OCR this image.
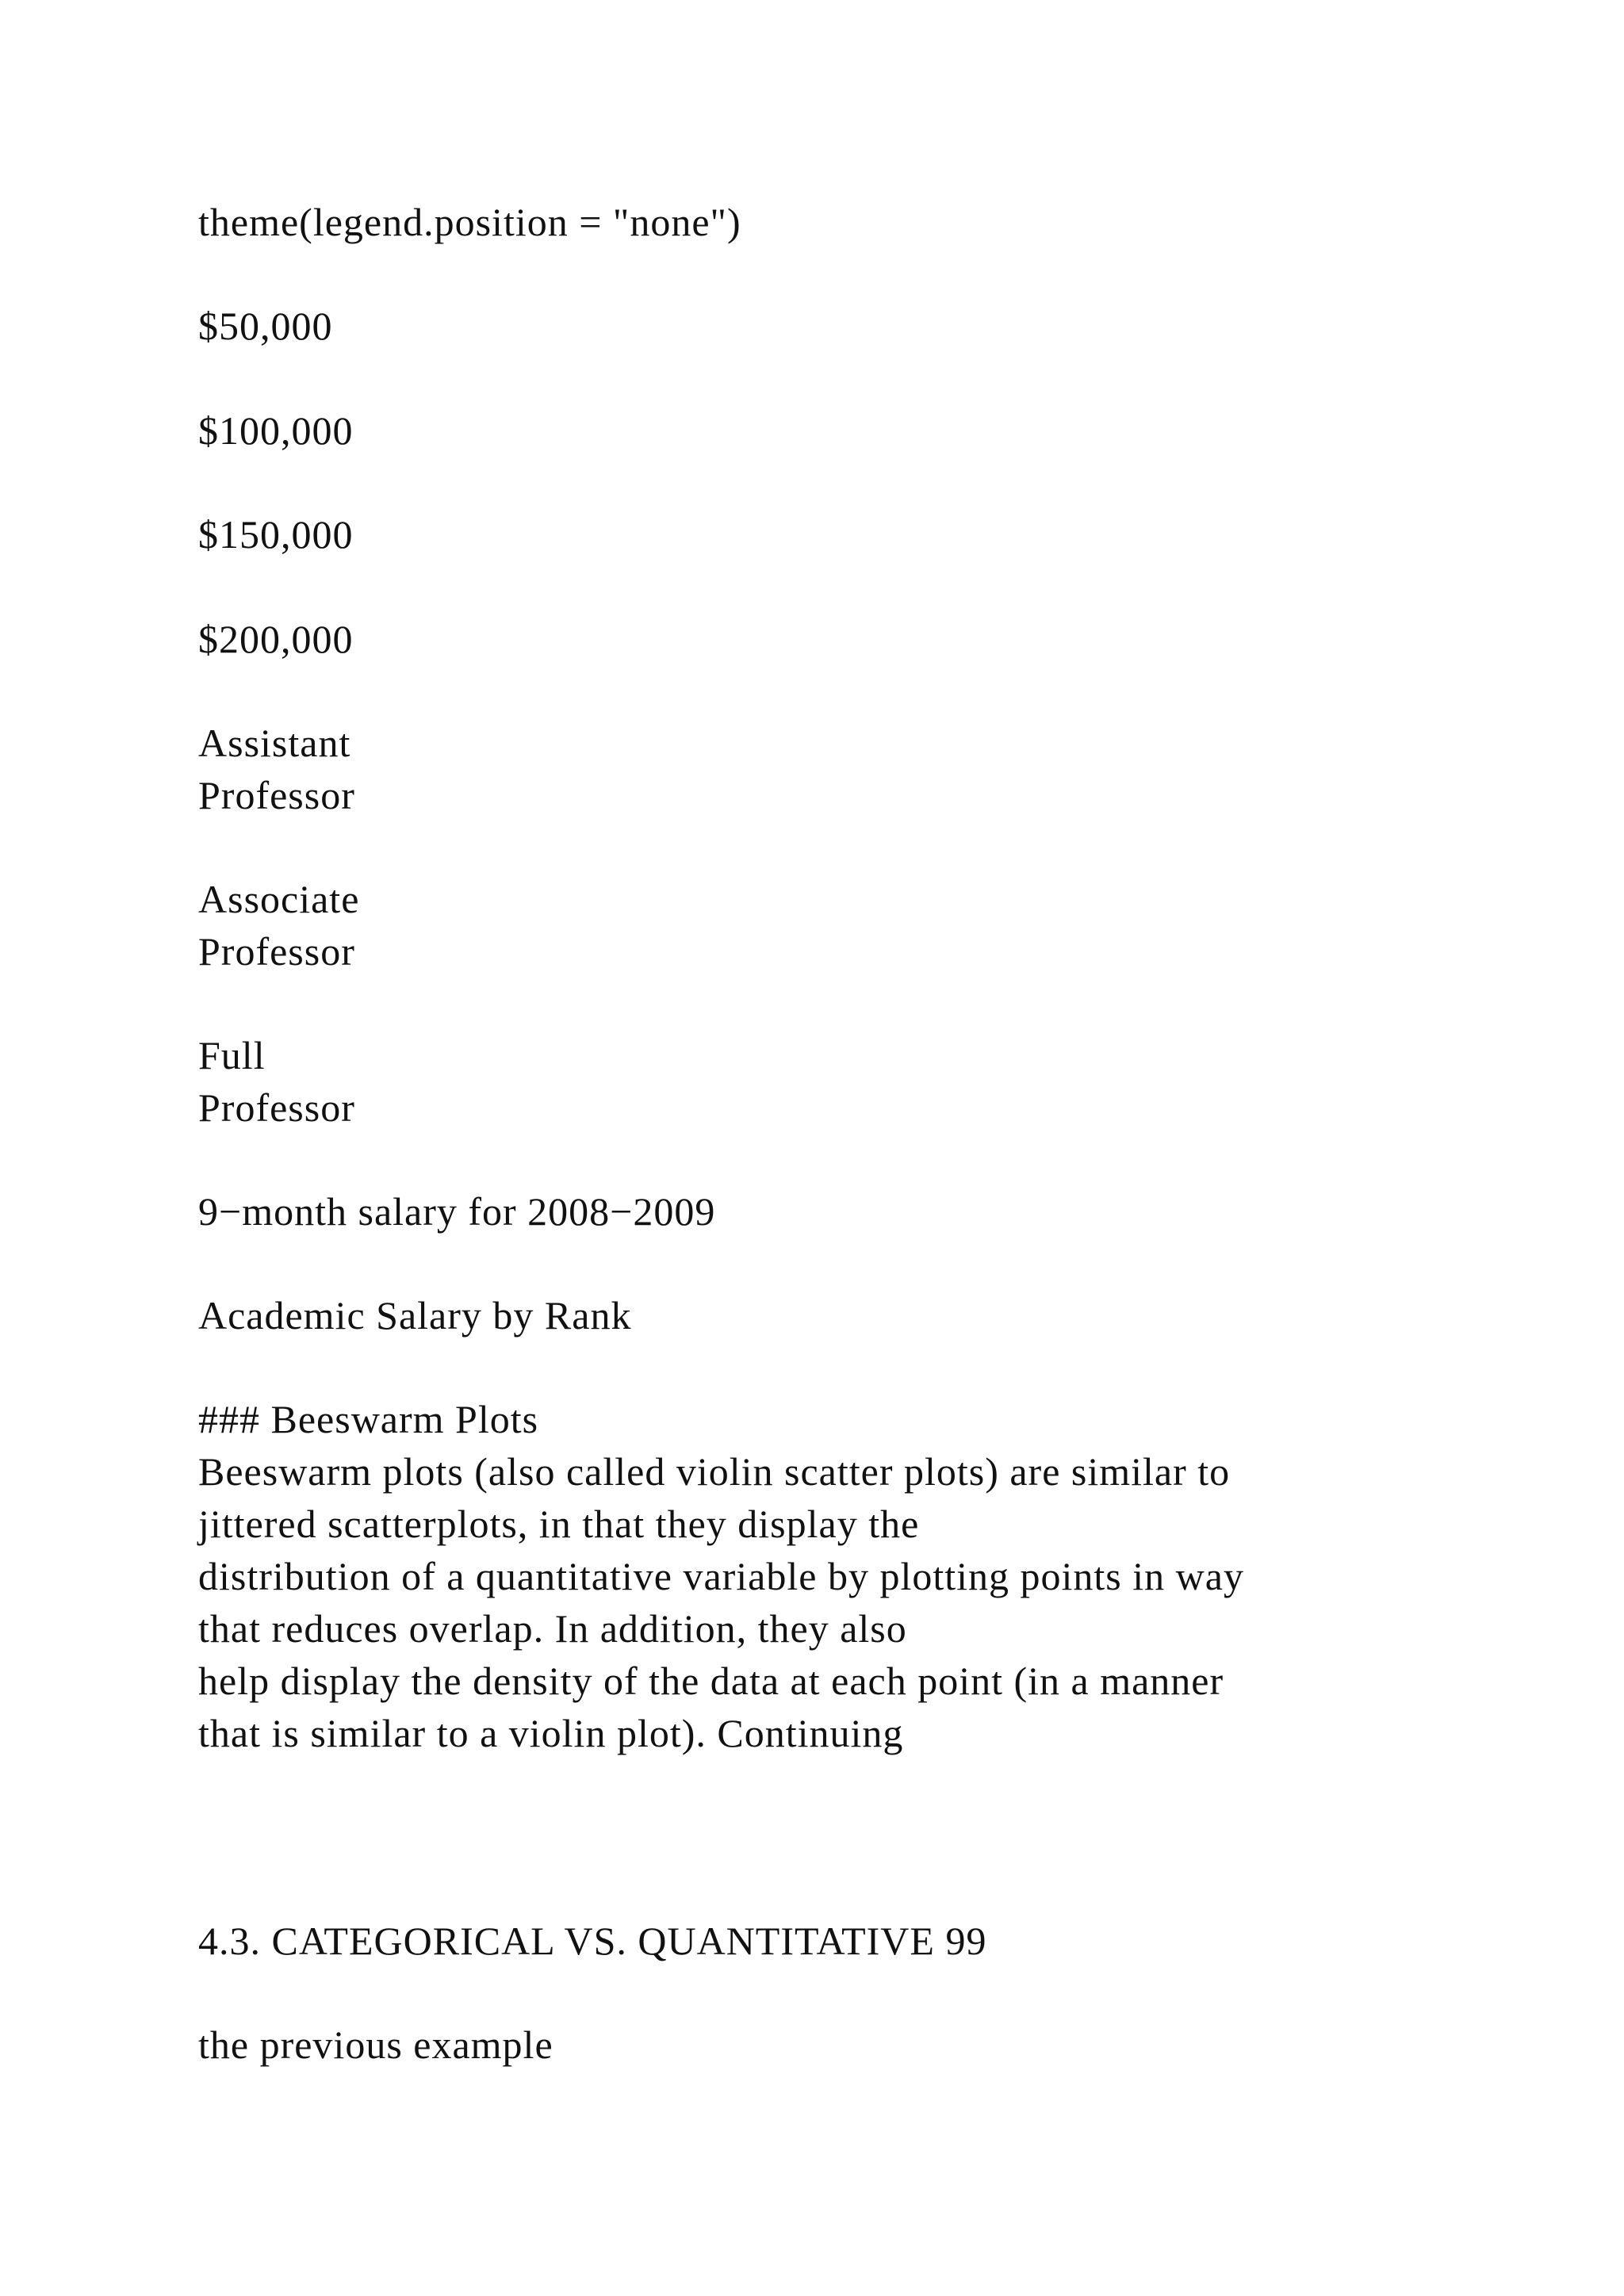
theme(legend.position = "none")
$50,000
$100,000
$150,000
$200,000
Assistant
Professor
Associate
Professor
Full
Professor
9−month salary for 2008−2009
Academic Salary by Rank
### Beeswarm Plots
Beeswarm plots (also called violin scatter plots) are similar to
jittered scatterplots, in that they display the
distribution of a quantitative variable by plotting points in way
that reduces overlap. In addition, they also
help display the density of the data at each point (in a manner
that is similar to a violin plot). Continuing
4.3. CATEGORICAL VS. QUANTITATIVE 99
the previous example
